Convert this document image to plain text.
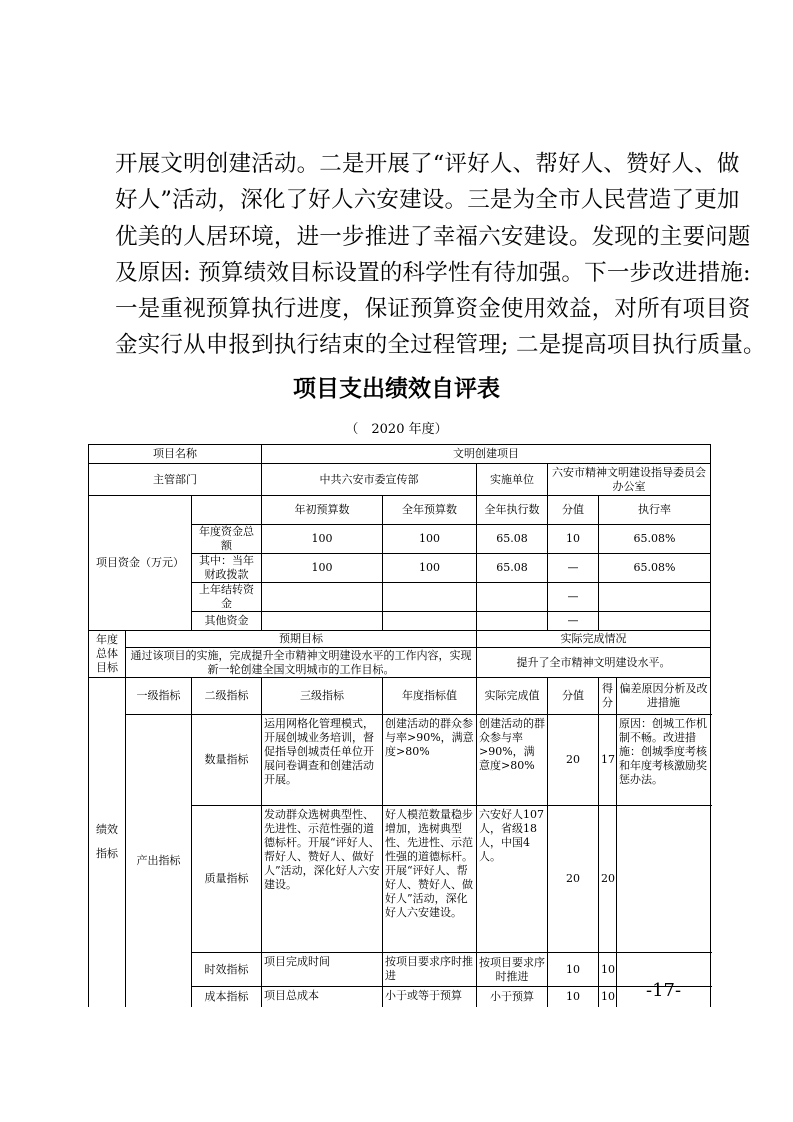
开展文明创建活动。二是开展了“评好人、帮好人、赞好人、做
好人”活动，深化了好人六安建设。三是为全市人民营造了更加
优美的人居环境，进一步推进了幸福六安建设。发现的主要问题
及原因: 预算绩效目标设置的科学性有待加强。下一步改进措施:
一是重视预算执行进度，保证预算资金使用效益，对所有项目资
金实行从申报到执行结束的全过程管理; 二是提高项目执行质量。
项目支出绩效自评表
（　2020 年度）
项目名称			文明创建项目						
主管部门			中共六安市委宣传部		实施单位	六安市精神文明建设指导委员会办公室			
项目资金（万元）			年初预算数	全年预算数	全年执行数	分值	执行率	
		年度资金总额	100	100	65.08	10	65.08%	
		其中：当年财政拨款	100	100	65.08	—	65.08%	
		上年结转资金				—		
		其他资金				—		
年度总体目标	预期目标				实际完成情况				
	通过该项目的实施，完成提升全市精神文明建设水平的工作内容，实现新一轮创建全国文明城市的工作目标。				提升了全市精神文明建设水平。				
绩效指标	一级指标	二级指标	三级指标	年度指标值	实际完成值	分值	得分	偏差原因分析及改进措施	
	产出指标	数量指标	运用网格化管理模式，开展创城业务培训，督促指导创城责任单位开展问卷调查和创建活动开展。	创建活动的群众参与率>90%，满意度>80%	创建活动的群众参与率>90%，满意度>80%	20	17	原因：创城工作机制不畅。改进措施：创城季度考核和年度考核激励奖惩办法。	
		质量指标	发动群众选树典型性、先进性、示范性强的道德标杆。开展“评好人、帮好人、赞好人、做好人”活动，深化好人六安建设。	好人模范数量稳步增加，选树典型性、先进性、示范性强的道德标杆。开展“评好人、帮好人、赞好人、做好人”活动，深化好人六安建设。	六安好人107人，省级18人，中国4人。	20	20		
		时效指标	项目完成时间	按项目要求序时推进	按项目要求序时推进	10	10		
		成本指标	项目总成本	小于或等于预算	小于预算	10	10		-17-
